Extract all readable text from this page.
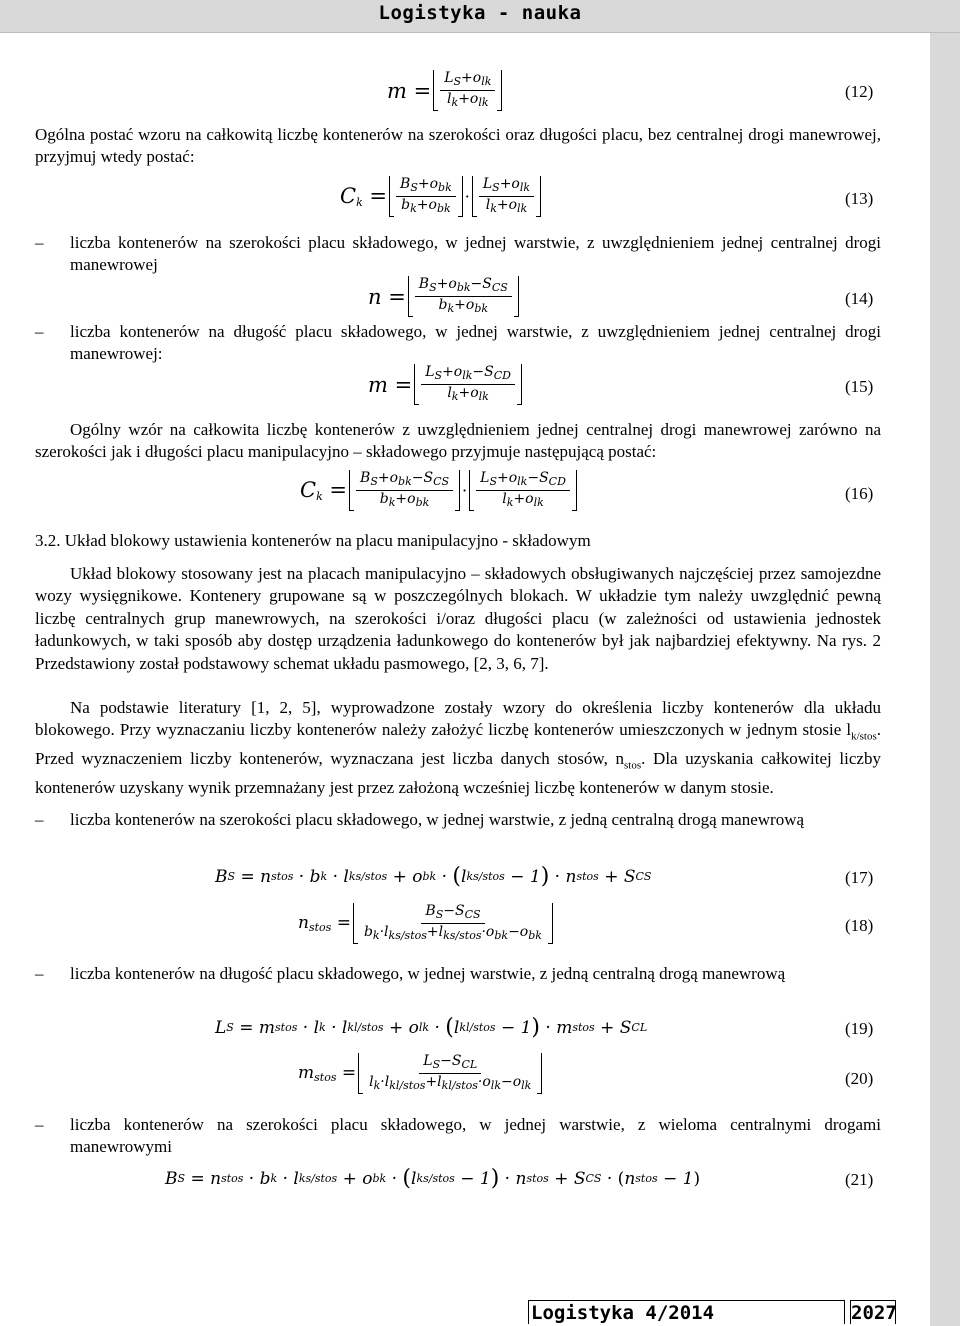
Logistyka - nauka
$m = \frac{L_S+o_{lk}}{l_k+o_{lk}}$	(12)
Ogólna postać wzoru na całkowitą liczbę kontenerów na szerokości oraz długości placu, bez centralnej drogi manewrowej, przyjmuj wtedy postać:
$C_k = \frac{B_S+o_{bk}}{b_k+o_{bk}} \cdot \frac{L_S+o_{lk}}{l_k+o_{lk}}$	(13)
– liczba kontenerów na szerokości placu składowego, w jednej warstwie, z uwzględnieniem jednej centralnej drogi manewrowej
$n = \frac{B_S+o_{bk}-S_{CS}}{b_k+o_{bk}}$	(14)
– liczba kontenerów na długość placu składowego, w jednej warstwie, z uwzględnieniem jednej centralnej drogi manewrowej:
$m = \frac{L_S+o_{lk}-S_{CD}}{l_k+o_{lk}}$	(15)
Ogólny wzór na całkowita liczbę kontenerów z uwzględnieniem jednej centralnej drogi manewrowej zarówno na szerokości jak i długości placu manipulacyjno – składowego przyjmuje następującą postać:
$C_k = \frac{B_S+o_{bk}-S_{CS}}{b_k+o_{bk}} \cdot \frac{L_S+o_{lk}-S_{CD}}{l_k+o_{lk}}$	(16)
3.2. Układ blokowy ustawienia kontenerów na placu manipulacyjno - składowym
Układ blokowy stosowany jest na placach manipulacyjno – składowych obsługiwanych najczęściej przez samojezdne wozy wysięgnikowe. Kontenery grupowane są w poszczególnych blokach. W układzie tym należy uwzględnić pewną liczbę centralnych grup manewrowych, na szerokości i/oraz długości placu (w zależności od ustawienia jednostek ładunkowych, w taki sposób aby dostęp urządzenia ładunkowego do kontenerów był jak najbardziej efektywny. Na rys. 2 Przedstawiony został podstawowy schemat układu pasmowego, [2, 3, 6, 7].
Na podstawie literatury [1, 2, 5], wyprowadzone zostały wzory do określenia liczby kontenerów dla układu blokowego. Przy wyznaczaniu liczby kontenerów należy założyć liczbę kontenerów umieszczonych w jednym stosie $l_{k/stos}$. Przed wyznaczeniem liczby kontenerów, wyznaczana jest liczba danych stosów, $n_{stos}$. Dla uzyskania całkowitej liczby kontenerów uzyskany wynik przemnażany jest przez założoną wcześniej liczbę kontenerów w danym stosie.
– liczba kontenerów na szerokości placu składowego, w jednej warstwie, z jedną centralną drogą manewrową
B S = n stos · b k · l ks/stos + o bk · ( l ks/stos − 1 ) · n stos + S CS	(17)
$n_{stos} = \frac{B_S-S_{CS}}{b_k\cdot l_{ks/stos}+l_{ks/stos}\cdot o_{bk}-o_{bk}}$	(18)
– liczba kontenerów na długość placu składowego, w jednej warstwie, z jedną centralną drogą manewrową
L S = m stos · l k · l kl/stos + o lk · ( l kl/stos − 1 ) · m stos + S CL	(19)
$m_{stos} = \frac{L_S-S_{CL}}{l_k\cdot l_{kl/stos}+l_{kl/stos}\cdot o_{lk}-o_{lk}}$	(20)
– liczba kontenerów na szerokości placu składowego, w jednej warstwie, z wieloma centralnymi drogami manewrowymi
B S = n stos · b k · l ks/stos + o bk · ( l ks/stos − 1 ) · n stos + S CS · ( n stos − 1 )	(21)
Logistyka 4/2014	2027
